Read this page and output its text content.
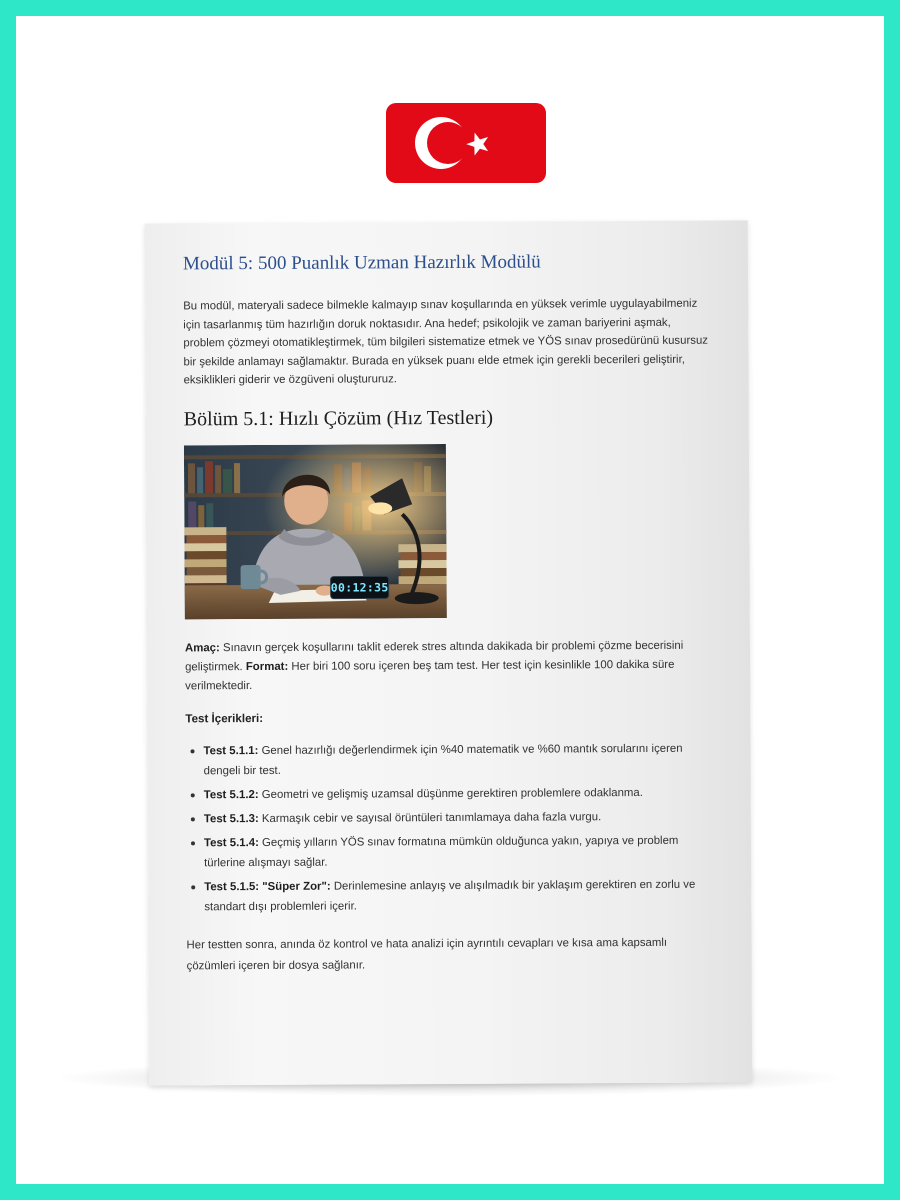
Modül 5: 500 Puanlık Uzman Hazırlık Modülü

Bu modül, materyali sadece bilmekle kalmayıp sınav koşullarında en yüksek verimle uygulayabilmeniz için tasarlanmış tüm hazırlığın doruk noktasıdır. Ana hedef; psikolojik ve zaman bariyerini aşmak, problem çözmeyi otomatikleştirmek, tüm bilgileri sistematize etmek ve YÖS sınav prosedürünü kusursuz bir şekilde anlamayı sağlamaktır. Burada en yüksek puanı elde etmek için gerekli becerileri geliştirir, eksiklikleri giderir ve özgüveni oluştururuz.

Bölüm 5.1: Hızlı Çözüm (Hız Testleri)
00:12:35

Amaç: Sınavın gerçek koşullarını taklit ederek stres altında dakikada bir problemi çözme becerisini geliştirmek. Format: Her biri 100 soru içeren beş tam test. Her test için kesinlikle 100 dakika süre verilmektedir.

Test İçerikleri:

Test 5.1.1: Genel hazırlığı değerlendirmek için %40 matematik ve %60 mantık sorularını içeren dengeli bir test.
Test 5.1.2: Geometri ve gelişmiş uzamsal düşünme gerektiren problemlere odaklanma.
Test 5.1.3: Karmaşık cebir ve sayısal örüntüleri tanımlamaya daha fazla vurgu.
Test 5.1.4: Geçmiş yılların YÖS sınav formatına mümkün olduğunca yakın, yapıya ve problem türlerine alışmayı sağlar.
Test 5.1.5: "Süper Zor": Derinlemesine anlayış ve alışılmadık bir yaklaşım gerektiren en zorlu ve standart dışı problemleri içerir.

Her testten sonra, anında öz kontrol ve hata analizi için ayrıntılı cevapları ve kısa ama kapsamlı çözümleri içeren bir dosya sağlanır.
